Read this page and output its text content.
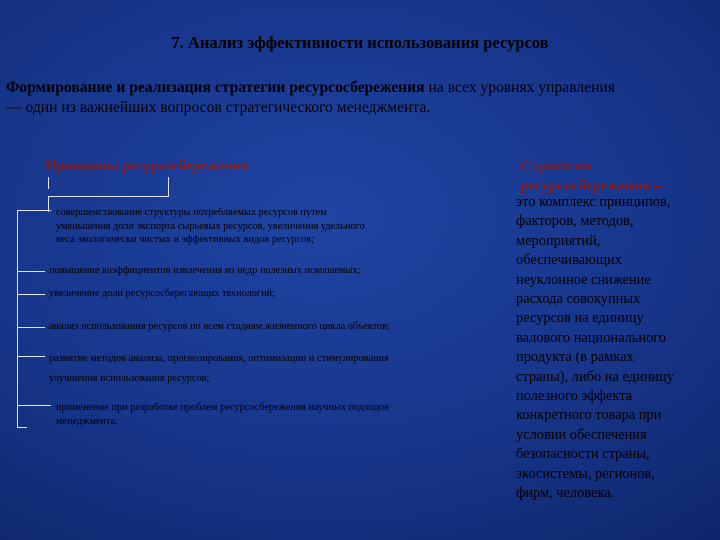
7. Анализ эффективности использования ресурсов
Формирование и реализация стратегии ресурсосбережения на всех уровнях управления
— один из важнейших вопросов стратегического менеджмента.
Принципы ресурсосбережения
совершенствование структуры потребляемых ресурсов путем
уменьшения доли экспорта сырьевых ресурсов, увеличения удельного
веса экологически чистых и эффективных видов ресурсов;
повышение коэффициентов извлечения из недр полезных ископаемых;
увеличение доли ресурсосберегающих технологий;
анализ использования ресурсов по всем стадиям жизненного цикла объектов;
развитие методов анализа, прогнозирования, оптимизации и стимулирования
улучшения использования ресурсов;
применение при разработке проблем ресурсосбережения научных подходов
менеджмента.
Стратегия
ресурсосбережения –
это комплекс принципов,
факторов, методов,
мероприятий,
обеспечивающих
неуклонное снижение
расхода совокупных
ресурсов на единицу
валового национального
продукта (в рамках
страны), либо на единицу
полезного эффекта
конкретного товара при
условии обеспечения
безопасности страны,
экосистемы, регионов,
фирм, человека.
